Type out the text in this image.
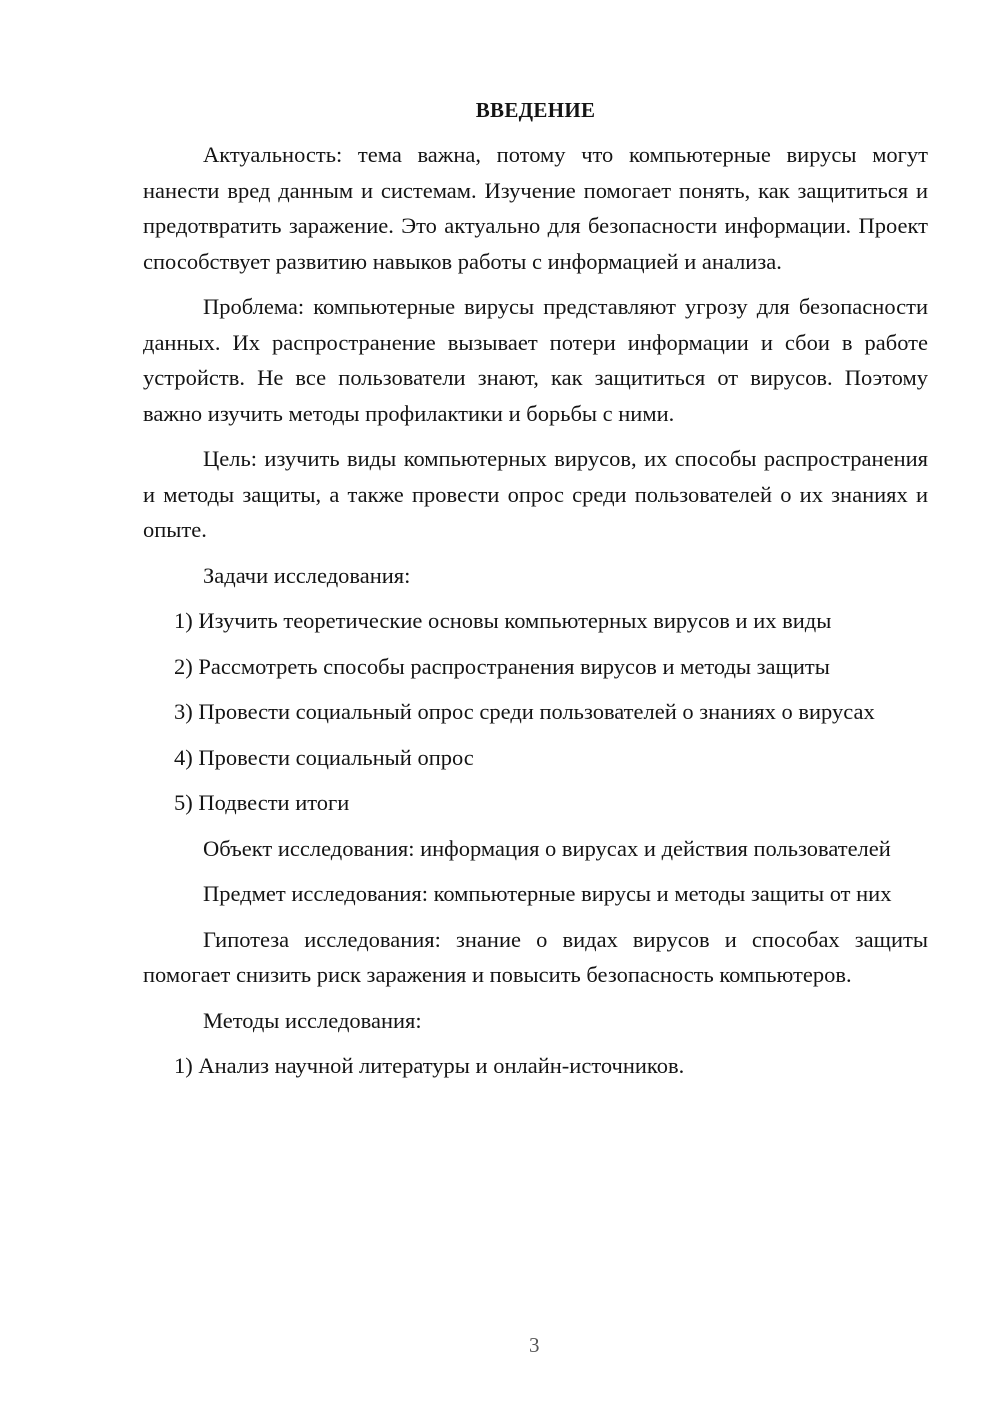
ВВЕДЕНИЕ

Актуальность: тема важна, потому что компьютерные вирусы могут нанести вред данным и системам. Изучение помогает понять, как защититься и предотвратить заражение. Это актуально для безопасности информации. Проект способствует развитию навыков работы с информацией и анализа.

Проблема: компьютерные вирусы представляют угрозу для безопасности данных. Их распространение вызывает потери информации и сбои в работе устройств. Не все пользователи знают, как защититься от вирусов. Поэтому важно изучить методы профилактики и борьбы с ними.

Цель: изучить виды компьютерных вирусов, их способы распространения и методы защиты, а также провести опрос среди пользователей о их знаниях и опыте.

Задачи исследования:

1) Изучить теоретические основы компьютерных вирусов и их виды

2) Рассмотреть способы распространения вирусов и методы защиты

3) Провести социальный опрос среди пользователей о знаниях о вирусах

4) Провести социальный опрос

5) Подвести итоги

Объект исследования: информация о вирусах и действия пользователей

Предмет исследования: компьютерные вирусы и методы защиты от них

Гипотеза исследования: знание о видах вирусов и способах защиты помогает снизить риск заражения и повысить безопасность компьютеров.

Методы исследования:

1) Анализ научной литературы и онлайн-источников.

3
